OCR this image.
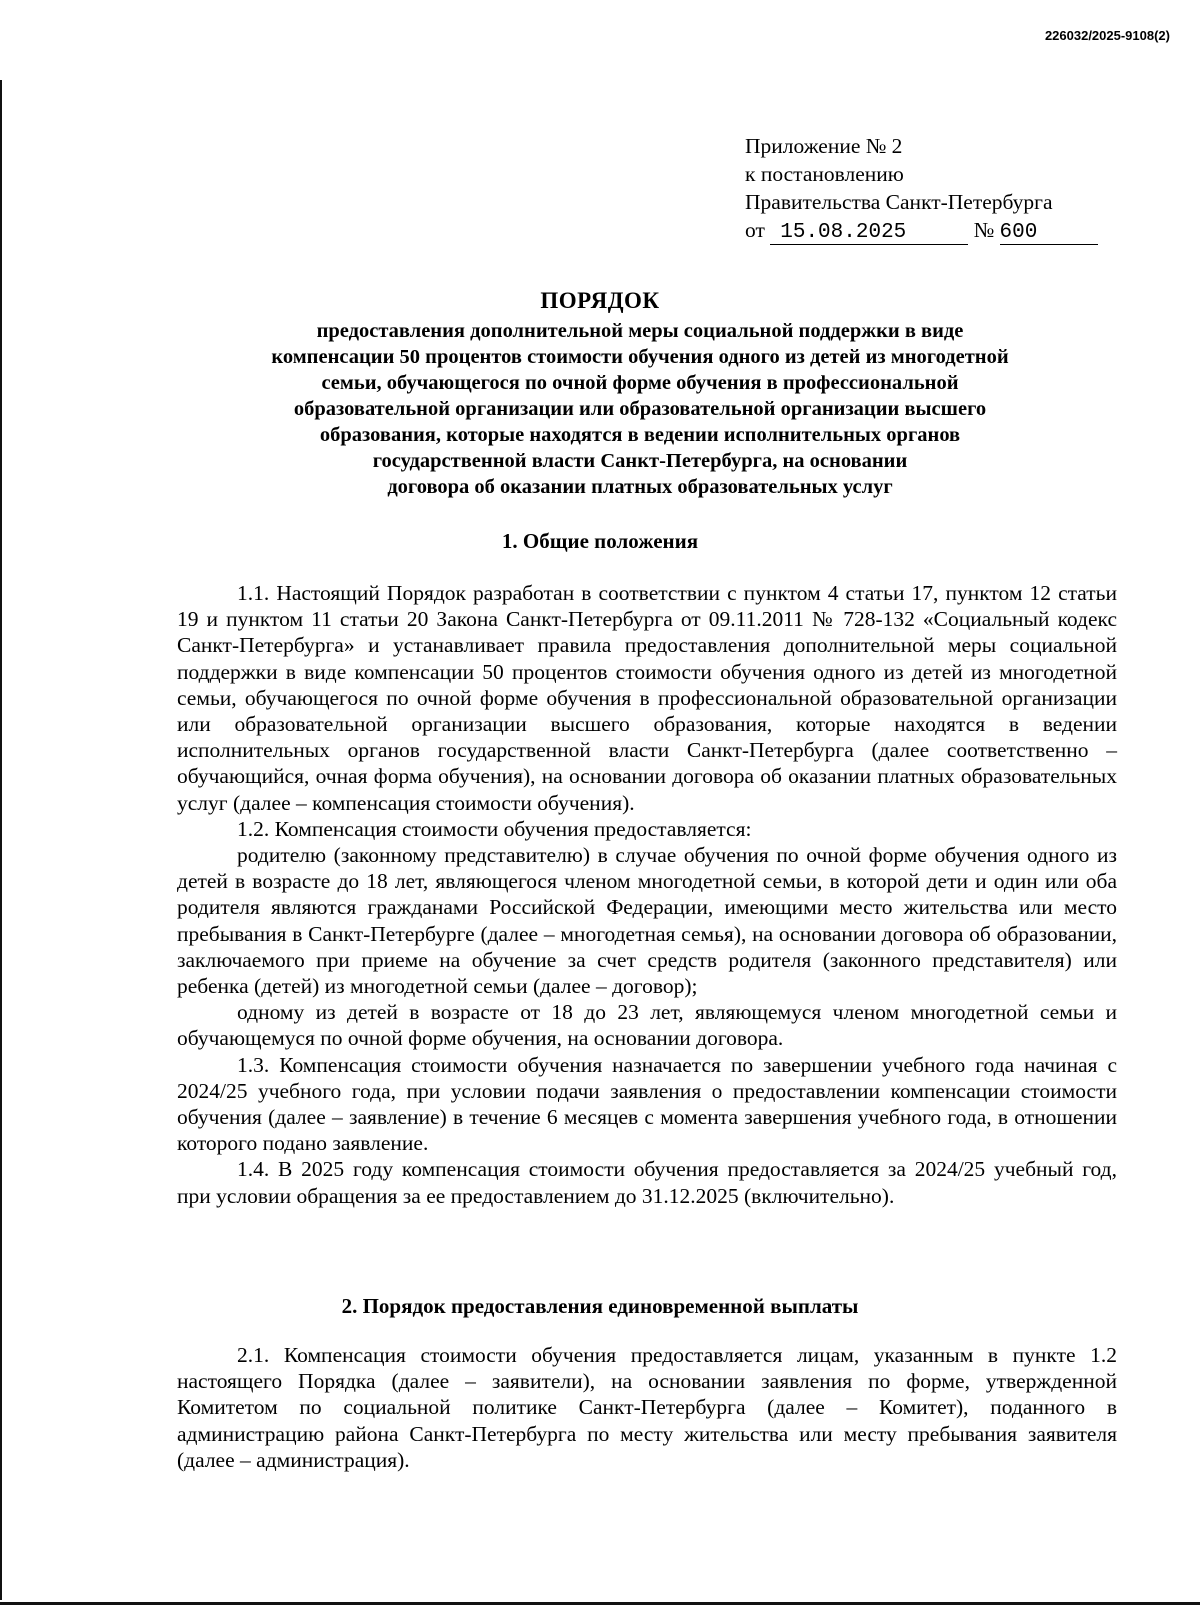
226032/2025-9108(2)
Приложение № 2
к постановлению
Правительства Санкт-Петербурга
от 15.08.2025	№ 600
ПОРЯДОК
предоставления дополнительной меры социальной поддержки в виде
компенсации 50 процентов стоимости обучения одного из детей из многодетной
семьи, обучающегося по очной форме обучения в профессиональной
образовательной организации или образовательной организации высшего
образования, которые находятся в ведении исполнительных органов
государственной власти Санкт-Петербурга, на основании
договора об оказании платных образовательных услуг
1. Общие положения

1.1. Настоящий Порядок разработан в соответствии с пунктом 4 статьи 17, пунктом 12 статьи 19 и пунктом 11 статьи 20 Закона Санкт-Петербурга от 09.11.2011 № 728-132 «Социальный кодекс Санкт-Петербурга» и устанавливает правила предоставления дополнительной меры социальной поддержки в виде компенсации 50 процентов стоимости обучения одного из детей из многодетной семьи, обучающегося по очной форме обучения в профессиональной образовательной организации или образовательной организации высшего образования, которые находятся в ведении исполнительных органов государственной власти Санкт-Петербурга (далее соответственно – обучающийся, очная форма обучения), на основании договора об оказании платных образовательных услуг (далее – компенсация стоимости обучения).

1.2. Компенсация стоимости обучения предоставляется:

родителю (законному представителю) в случае обучения по очной форме обучения одного из детей в возрасте до 18 лет, являющегося членом многодетной семьи, в которой дети и один или оба родителя являются гражданами Российской Федерации, имеющими место жительства или место пребывания в Санкт-Петербурге (далее – многодетная семья), на основании договора об образовании, заключаемого при приеме на обучение за счет средств родителя (законного представителя) или ребенка (детей) из многодетной семьи (далее – договор);

одному из детей в возрасте от 18 до 23 лет, являющемуся членом многодетной семьи и обучающемуся по очной форме обучения, на основании договора.

1.3. Компенсация стоимости обучения назначается по завершении учебного года начиная с 2024/25 учебного года, при условии подачи заявления о предоставлении компенсации стоимости обучения (далее – заявление) в течение 6 месяцев с момента завершения учебного года, в отношении которого подано заявление.

1.4. В 2025 году компенсация стоимости обучения предоставляется за 2024/25 учебный год, при условии обращения за ее предоставлением до 31.12.2025 (включительно).

2. Порядок предоставления единовременной выплаты

2.1. Компенсация стоимости обучения предоставляется лицам, указанным в пункте 1.2 настоящего Порядка (далее – заявители), на основании заявления по форме, утвержденной Комитетом по социальной политике Санкт-Петербурга (далее – Комитет), поданного в администрацию района Санкт-Петербурга по месту жительства или месту пребывания заявителя (далее – администрация).
